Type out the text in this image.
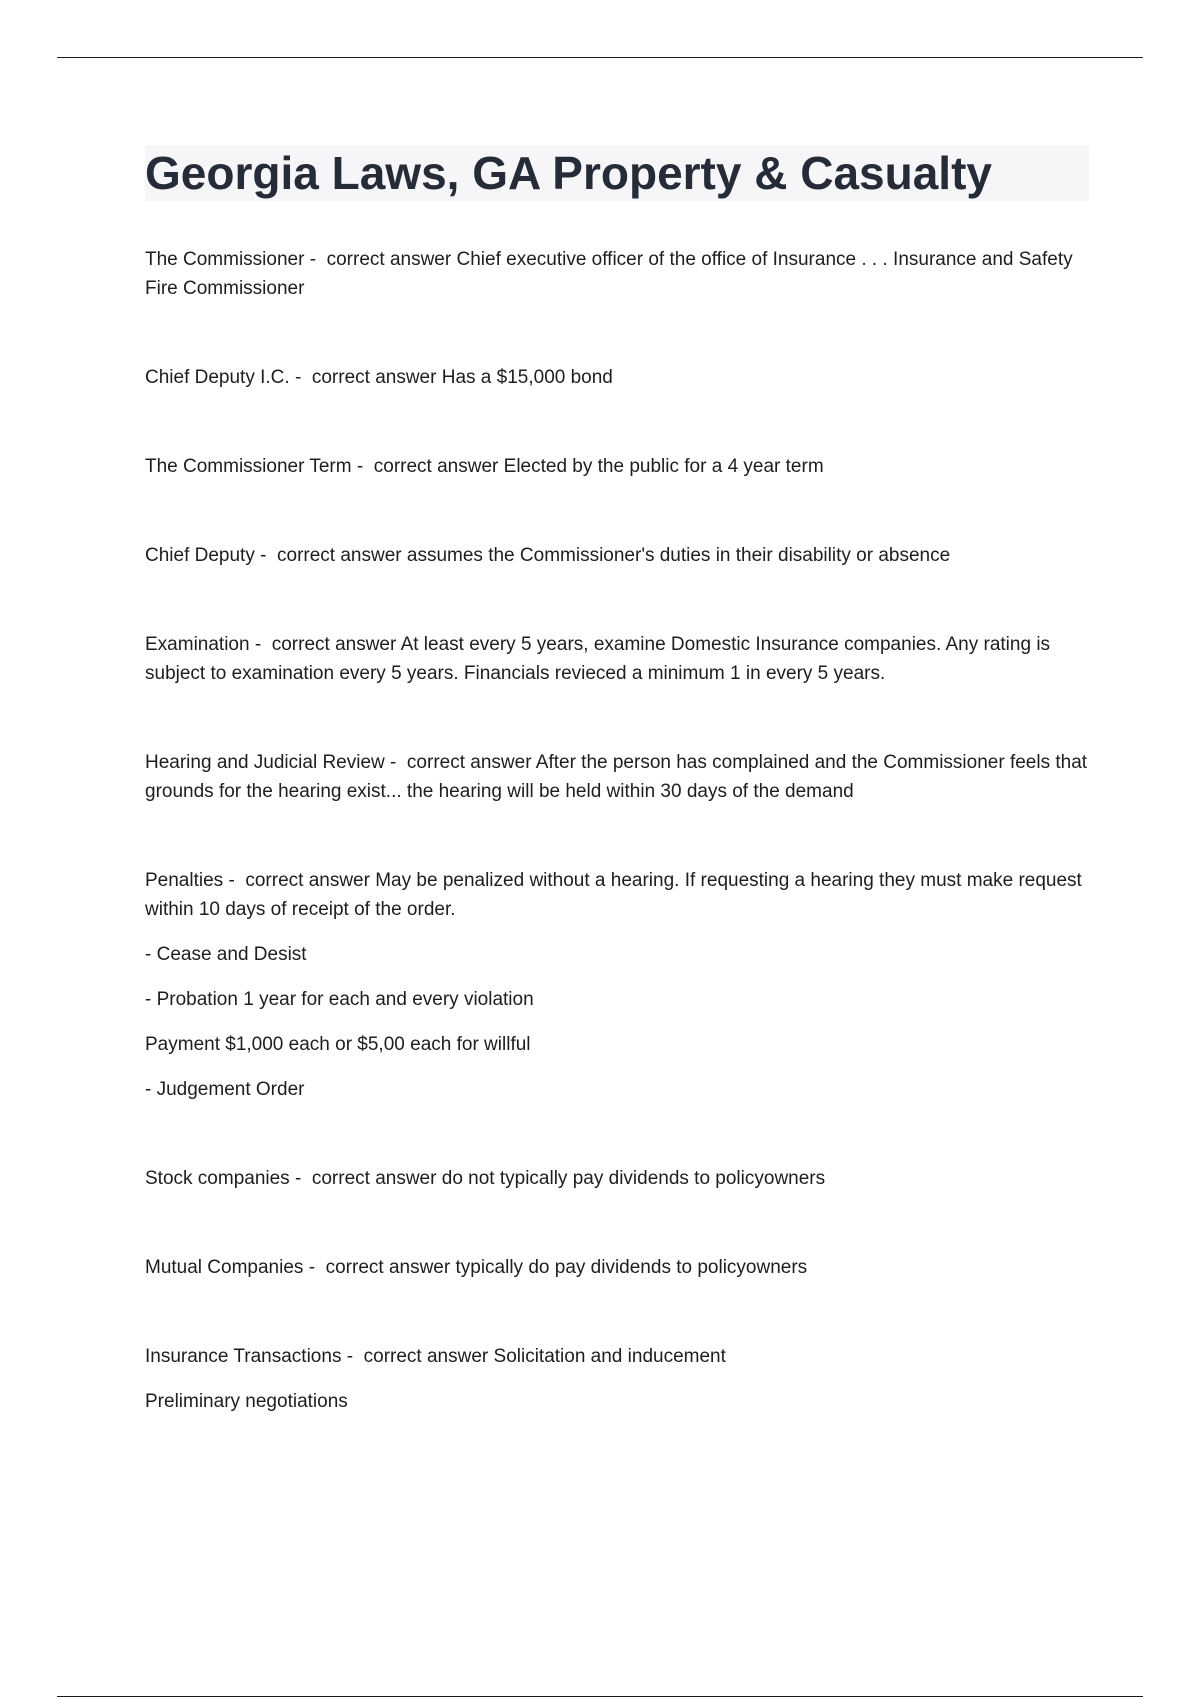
Georgia Laws, GA Property & Casualty

The Commissioner - correct answer Chief executive officer of the office of Insurance . . . Insurance and Safety Fire Commissioner

Chief Deputy I.C. - correct answer Has a $15,000 bond

The Commissioner Term - correct answer Elected by the public for a 4 year term

Chief Deputy - correct answer assumes the Commissioner's duties in their disability or absence

Examination - correct answer At least every 5 years, examine Domestic Insurance companies. Any rating is subject to examination every 5 years. Financials revieced a minimum 1 in every 5 years.

Hearing and Judicial Review - correct answer After the person has complained and the Commissioner feels that grounds for the hearing exist... the hearing will be held within 30 days of the demand

Penalties - correct answer May be penalized without a hearing. If requesting a hearing they must make request within 10 days of receipt of the order.

- Cease and Desist

- Probation 1 year for each and every violation

Payment $1,000 each or $5,00 each for willful

- Judgement Order

Stock companies - correct answer do not typically pay dividends to policyowners

Mutual Companies - correct answer typically do pay dividends to policyowners

Insurance Transactions - correct answer Solicitation and inducement

Preliminary negotiations
